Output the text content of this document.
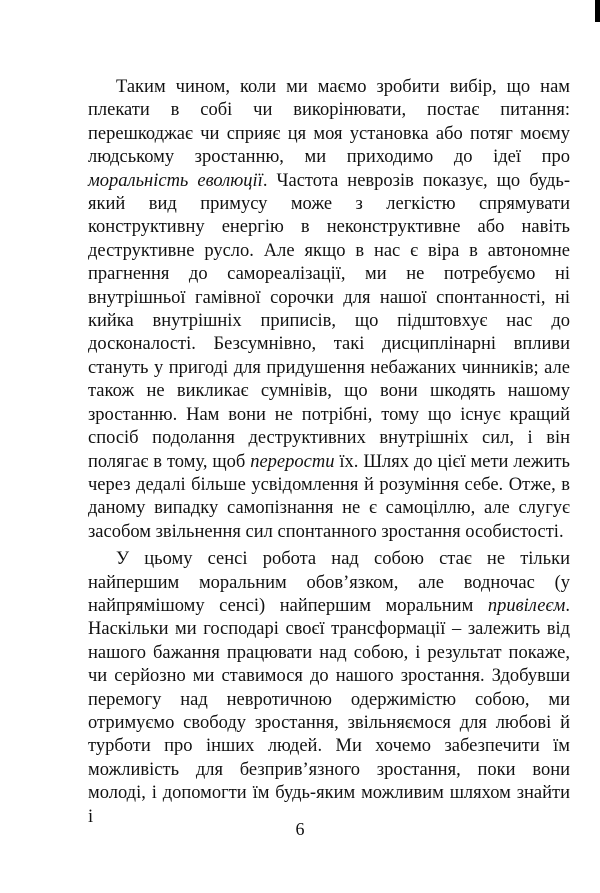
Таким чином, коли ми маємо зробити вибір, що нам плекати в собі чи викорінювати, постає питання: перешкоджає чи сприяє ця моя установка або потяг моєму людському зростанню, ми приходимо до ідеї про моральність еволюції. Частота неврозів показує, що будь-який вид примусу може з легкістю спрямувати конструктивну енергію в неконструктивне або навіть деструктивне русло. Але якщо в нас є віра в автономне прагнення до самореалізації, ми не потребуємо ні внутрішньої гамівної сорочки для нашої спонтанності, ні кийка внутрішніх приписів, що підштовхує нас до досконалості. Безсумнівно, такі дисциплінарні впливи стануть у пригоді для придушення небажаних чинників; але також не викликає сумнівів, що вони шкодять нашому зростанню. Нам вони не потрібні, тому що існує кращий спосіб подолання деструктивних внутрішніх сил, і він полягає в тому, щоб перерости їх. Шлях до цієї мети лежить через дедалі більше усвідомлення й розуміння себе. Отже, в даному випадку самопізнання не є самоціллю, але слугує засобом звільнення сил спонтанного зростання особистості.

У цьому сенсі робота над собою стає не тільки найпершим моральним обов’язком, але водночас (у найпрямішому сенсі) найпершим моральним привілеєм. Наскільки ми господарі своєї трансформації – залежить від нашого бажання працювати над собою, і результат покаже, чи серйозно ми ставимося до нашого зростання. Здобувши перемогу над невротичною одержимістю собою, ми отримуємо свободу зростання, звільняємося для любові й турботи про інших людей. Ми хочемо забезпечити їм можливість для безприв’язного зростання, поки вони молоді, і допомогти їм будь-яким можливим шляхом знайти і

6
